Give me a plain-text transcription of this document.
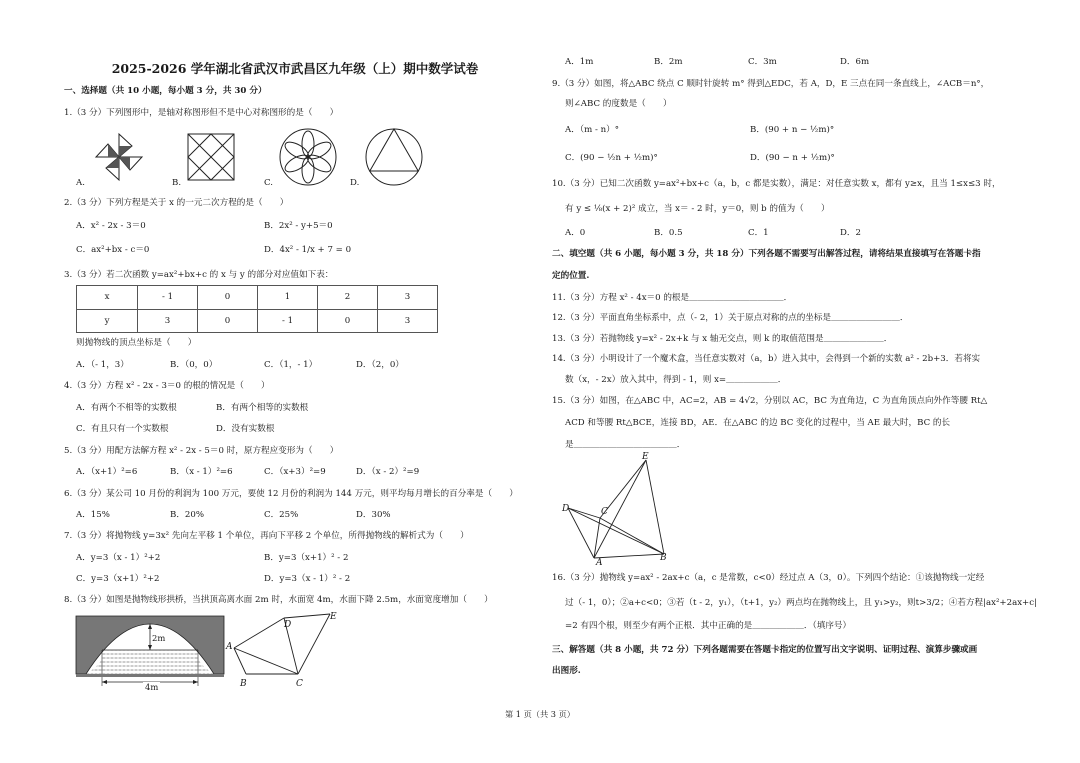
2025-2026 学年湖北省武汉市武昌区九年级（上）期中数学试卷
一、选择题（共 10 小题，每小题 3 分，共 30 分）
1.（3 分）下列图形中，是轴对称图形但不是中心对称图形的是（　　）
A.	B.	C.	D.
2.（3 分）下列方程是关于 x 的一元二次方程的是（　　）
A．x² - 2x - 3＝0	B．2x² - y+5＝0
C．ax²+bx - c＝0	D．4x² - 1/x + 7 = 0
3.（3 分）若二次函数 y=ax²+bx+c 的 x 与 y 的部分对应值如下表：
x	- 1	0	1	2	3
y	3	0	- 1	0	3
则抛物线的顶点坐标是（　　）
A．（- 1，3）	B．（0，0）	C．（1，- 1）	D．（2，0）
4.（3 分）方程 x² - 2x - 3＝0 的根的情况是（　　）
A．有两个不相等的实数根	B．有两个相等的实数根
C．有且只有一个实数根	D．没有实数根
5.（3 分）用配方法解方程 x² - 2x - 5＝0 时，原方程应变形为（　　）
A．（x+1）²=6	B．（x - 1）²=6	C．（x+3）²=9	D．（x - 2）²=9
6.（3 分）某公司 10 月份的利润为 100 万元，要使 12 月份的利润为 144 万元，则平均每月增长的百分率是（　　）
A．15%	B．20%	C．25%	D．30%
7.（3 分）将抛物线 y=3x² 先向左平移 1 个单位，再向下平移 2 个单位，所得抛物线的解析式为（　　）
A．y=3（x - 1）²+2	B．y=3（x+1）² - 2
C．y=3（x+1）²+2	D．y=3（x - 1）² - 2
8.（3 分）如图是抛物线形拱桥，当拱顶高离水面 2m 时，水面宽 4m，水面下降 2.5m，水面宽度增加（　　）
2m
4m
A
B	C
D
E
A．1m	B．2m	C．3m	D．6m
9.（3 分）如图，将△ABC 绕点 C 顺时针旋转 m° 得到△EDC，若 A，D，E 三点在同一条直线上，∠ACB＝n°，
则∠ABC 的度数是（　　）
A．（m - n）°	B．(90 + n − ½m)°
C．(90 − ½n + ½m)°	D．(90 − n + ½m)°
10.（3 分）已知二次函数 y=ax²+bx+c（a，b，c 都是实数），满足：对任意实数 x，都有 y≥x，且当 1≤x≤3 时，
有 y ≤ ⅛(x + 2)² 成立，当 x＝ - 2 时，y＝0，则 b 的值为（　　）
A．0	B．0.5	C．1	D．2
二、填空题（共 6 小题，每小题 3 分，共 18 分）下列各题不需要写出解答过程，请将结果直接填写在答题卡指
定的位置.
11.（3 分）方程 x² - 4x＝0 的根是＿＿＿＿＿＿＿＿＿＿＿．
12.（3 分）平面直角坐标系中，点（- 2，1）关于原点对称的点的坐标是＿＿＿＿＿＿＿＿．
13.（3 分）若抛物线 y=x² - 2x+k 与 x 轴无交点，则 k 的取值范围是＿＿＿＿＿＿＿．
14.（3 分）小明设计了一个魔术盒，当任意实数对（a，b）进入其中，会得到一个新的实数 a² - 2b+3．若将实
数（x，- 2x）放入其中，得到 - 1，则 x=＿＿＿＿＿＿．
15.（3 分）如图，在△ABC 中，AC=2，AB = 4√2，分别以 AC，BC 为直角边，C 为直角顶点向外作等腰 Rt△
ACD 和等腰 Rt△BCE，连接 BD，AE．在△ABC 的边 BC 变化的过程中，当 AE 最大时，BC 的长
是＿＿＿＿＿＿＿＿＿＿＿＿．
E
D	C
A	B
16.（3 分）抛物线 y=ax² - 2ax+c（a，c 是常数，c<0）经过点 A（3，0）。下列四个结论：①该抛物线一定经
过（- 1，0）；②a+c<0；③若（t - 2，y₁），（t+1，y₂）两点均在抛物线上，且 y₁>y₂，则t>3/2；④若方程|ax²+2ax+c|
=2 有四个根，则至少有两个正根．其中正确的是＿＿＿＿＿＿．（填序号）
三、解答题（共 8 小题，共 72 分）下列各题需要在答题卡指定的位置写出文字说明、证明过程、演算步骤或画
出图形.
第 1 页（共 3 页）
